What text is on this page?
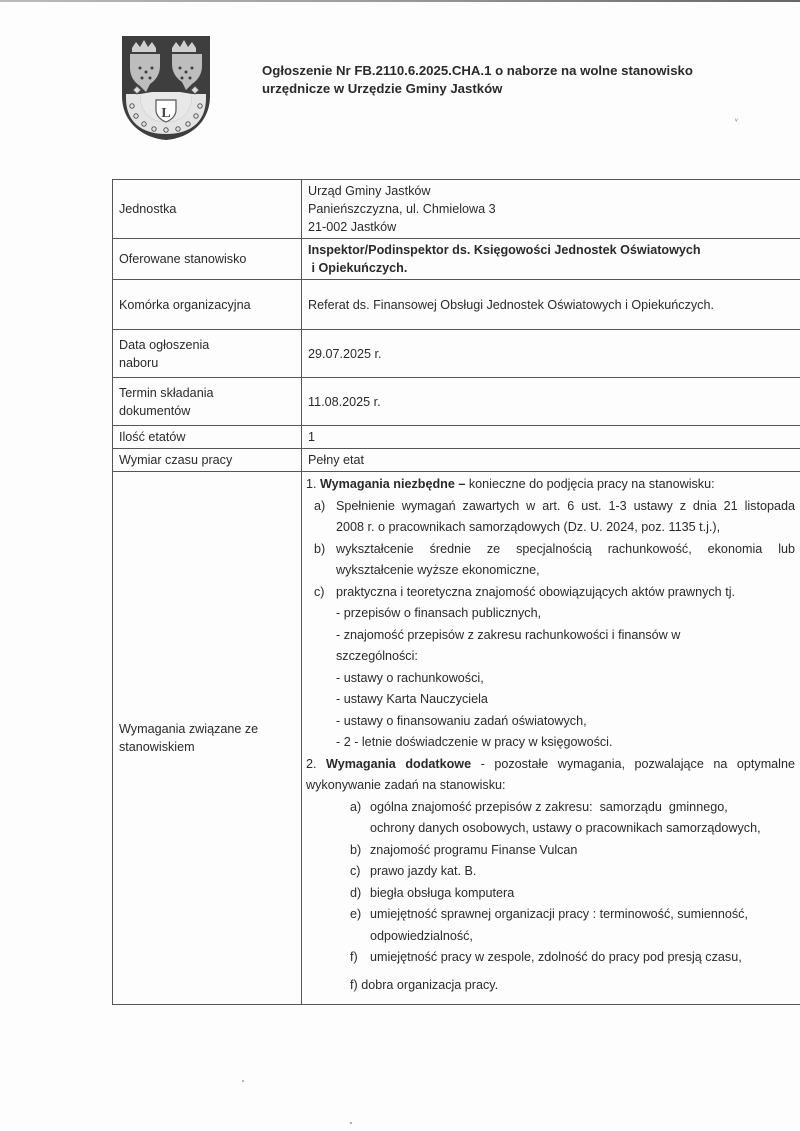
L
Ogłoszenie Nr FB.2110.6.2025.CHA.1 o naborze na wolne stanowisko
urzędnicze w Urzędzie Gminy Jastków
ᵥ
Jednostka	Urząd Gminy Jastków
Panieńszczyzna, ul. Chmielowa 3
21-002 Jastków

Oferowane stanowisko	Inspektor/Podinspektor ds. Księgowości Jednostek Oświatowych
i Opiekuńczych.

Komórka organizacyjna	Referat ds. Finansowej Obsługi Jednostek Oświatowych i Opiekuńczych.

Data ogłoszenia
naboru	29.07.2025 r.

Termin składania
dokumentów	11.08.2025 r.
Ilość etatów	1
Wymiar czasu pracy	Pełny etat

Wymagania związane ze
stanowiskiem

1. Wymagania niezbędne – konieczne do podjęcia pracy na stanowisku:
a) Spełnienie wymagań zawartych w art. 6 ust. 1-3 ustawy z dnia 21 listopada
2008 r. o pracownikach samorządowych (Dz. U. 2024, poz. 1135 t.j.),
b) wykształcenie średnie ze specjalnością rachunkowość, ekonomia lub
wykształcenie wyższe ekonomiczne,
c) praktyczna i teoretyczna znajomość obowiązujących aktów prawnych tj.
- przepisów o finansach publicznych,
- znajomość przepisów z zakresu rachunkowości i finansów w
szczególności:
- ustawy o rachunkowości,
- ustawy Karta Nauczyciela
- ustawy o finansowaniu zadań oświatowych,
- 2 - letnie doświadczenie w pracy w księgowości.
2. Wymagania dodatkowe - pozostałe wymagania, pozwalające na optymalne
wykonywanie zadań na stanowisku:
a) ogólna znajomość przepisów z zakresu:  samorządu  gminnego,
ochrony danych osobowych, ustawy o pracownikach samorządowych,
b) znajomość programu Finanse Vulcan
c) prawo jazdy kat. B.
d) biegła obsługa komputera
e) umiejętność sprawnej organizacji pracy : terminowość, sumienność,
odpowiedzialność,
f) umiejętność pracy w zespole, zdolność do pracy pod presją czasu,
f) dobra organizacja pracy.
